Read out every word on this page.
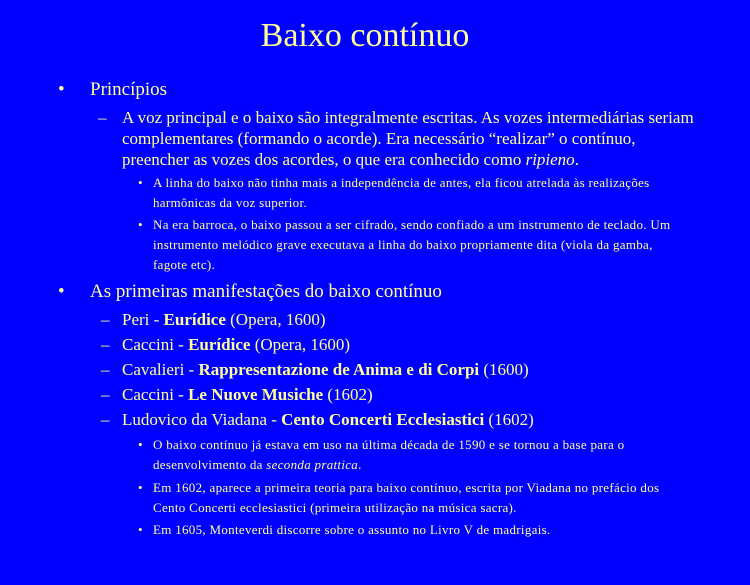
Baixo contínuo
• Princípios
– A voz principal e o baixo são integralmente escritas. As vozes intermediárias seriam complementares (formando o acorde). Era necessário “realizar” o contínuo, preencher as vozes dos acordes, o que era conhecido como ripieno.
• A linha do baixo não tinha mais a independência de antes, ela ficou atrelada às realizações harmônicas da voz superior.
• Na era barroca, o baixo passou a ser cifrado, sendo confiado a um instrumento de teclado. Um instrumento melódico grave executava a linha do baixo propriamente dita (viola da gamba, fagote etc).
• As primeiras manifestações do baixo contínuo
– Peri - Eurídice (Opera, 1600)
– Caccini - Eurídice (Opera, 1600)
– Cavalieri - Rappresentazione de Anima e di Corpi (1600)
– Caccini - Le Nuove Musiche (1602)
– Ludovico da Viadana - Cento Concerti Ecclesiastici (1602)
• O baixo contínuo já estava em uso na última década de 1590 e se tornou a base para o desenvolvimento da seconda prattica.
• Em 1602, aparece a primeira teoria para baixo contínuo, escrita por Viadana no prefácio dos Cento Concerti ecclesiastici (primeira utilização na música sacra).
• Em 1605, Monteverdi discorre sobre o assunto no Livro V de madrigais.
